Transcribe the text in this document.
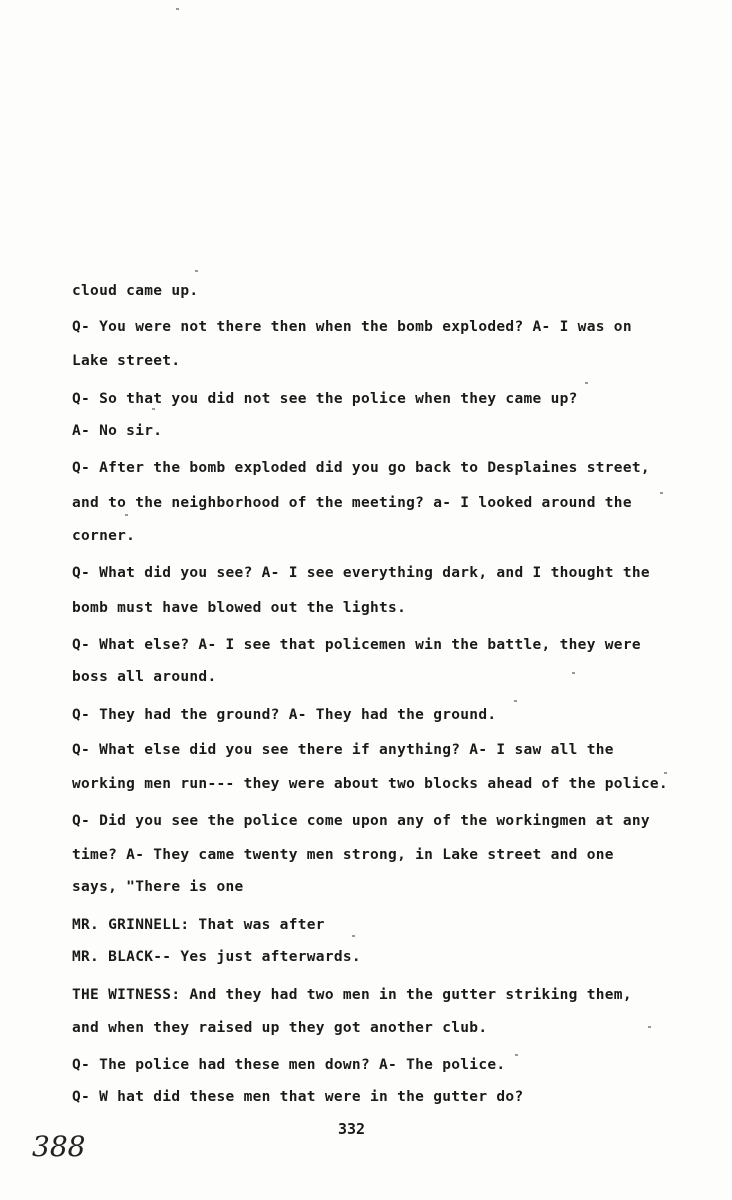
cloud came up.
Q- You were not there then when the bomb exploded? A- I was on
Lake street.
Q- So that you did not see the police when they came up?
A- No sir.
Q- After the bomb exploded did you go back to Desplaines street,
and to the neighborhood of the meeting? a- I looked around the
corner.
Q- What did you see? A- I see everything dark, and I thought the
bomb must have blowed out the lights.
Q- What else? A- I see that policemen win the battle, they were
boss all around.
Q- They had the ground? A- They had the ground.
Q- What else did you see there if anything? A- I saw all the
working men run--- they were about two blocks ahead of the police.
Q- Did you see the police come upon any of the workingmen at any
time? A- They came twenty men strong, in Lake street and one
says, "There is one
MR. GRINNELL: That was after
MR. BLACK-- Yes just afterwards.
THE WITNESS: And they had two men in the gutter striking them,
and when they raised up they got another club.
Q- The police had these men down? A- The police.
Q- W hat did these men that were in the gutter do?
332
388
